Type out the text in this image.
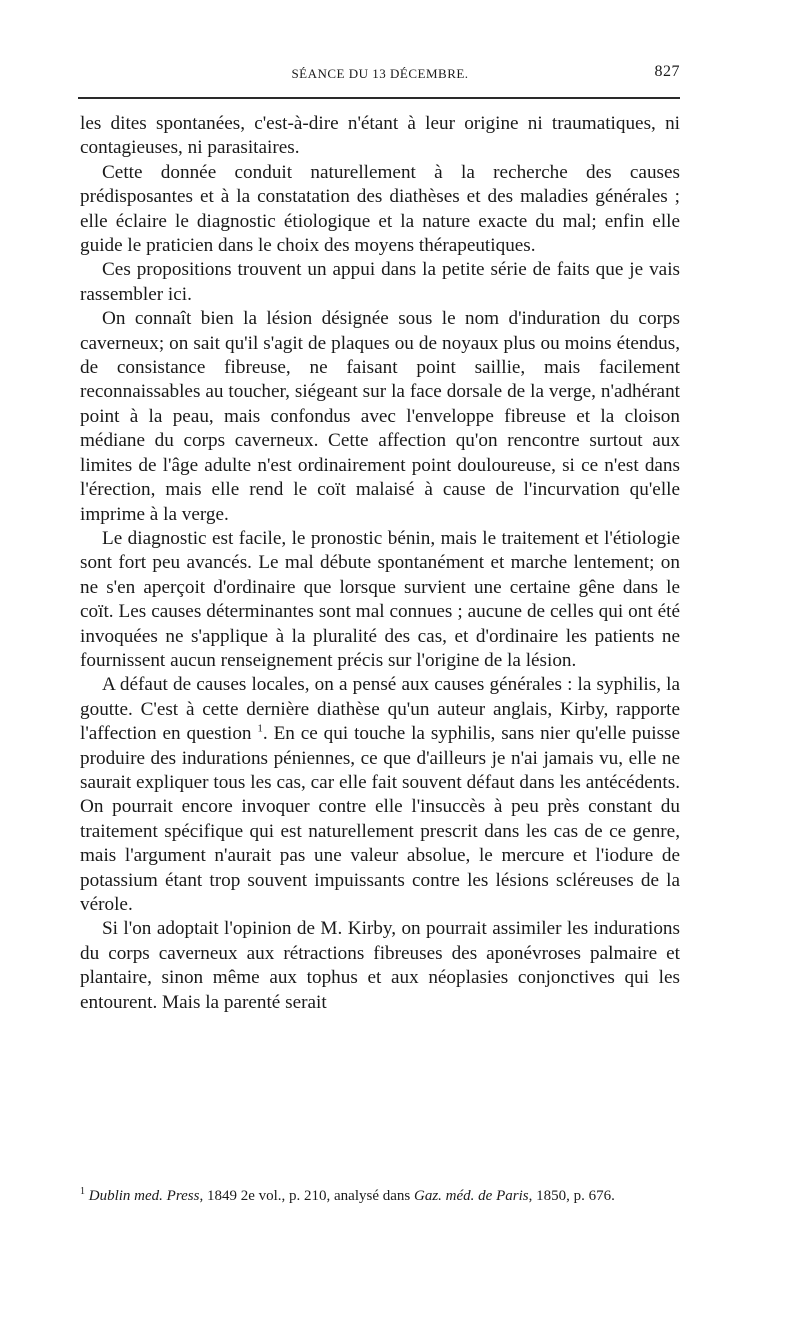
SÉANCE DU 13 DÉCEMBRE.	827

les dites spontanées, c'est-à-dire n'étant à leur origine ni traumatiques, ni contagieuses, ni parasitaires.

Cette donnée conduit naturellement à la recherche des causes prédisposantes et à la constatation des diathèses et des maladies générales ; elle éclaire le diagnostic étiologique et la nature exacte du mal; enfin elle guide le praticien dans le choix des moyens thérapeutiques.

Ces propositions trouvent un appui dans la petite série de faits que je vais rassembler ici.

On connaît bien la lésion désignée sous le nom d'induration du corps caverneux; on sait qu'il s'agit de plaques ou de noyaux plus ou moins étendus, de consistance fibreuse, ne faisant point saillie, mais facilement reconnaissables au toucher, siégeant sur la face dorsale de la verge, n'adhérant point à la peau, mais confondus avec l'enveloppe fibreuse et la cloison médiane du corps caverneux. Cette affection qu'on rencontre surtout aux limites de l'âge adulte n'est ordinairement point douloureuse, si ce n'est dans l'érection, mais elle rend le coït malaisé à cause de l'incurvation qu'elle imprime à la verge.

Le diagnostic est facile, le pronostic bénin, mais le traitement et l'étiologie sont fort peu avancés. Le mal débute spontanément et marche lentement; on ne s'en aperçoit d'ordinaire que lorsque survient une certaine gêne dans le coït. Les causes déterminantes sont mal connues ; aucune de celles qui ont été invoquées ne s'applique à la pluralité des cas, et d'ordinaire les patients ne fournissent aucun renseignement précis sur l'origine de la lésion.

A défaut de causes locales, on a pensé aux causes générales : la syphilis, la goutte. C'est à cette dernière diathèse qu'un auteur anglais, Kirby, rapporte l'affection en question $^1$. En ce qui touche la syphilis, sans nier qu'elle puisse produire des indurations péniennes, ce que d'ailleurs je n'ai jamais vu, elle ne saurait expliquer tous les cas, car elle fait souvent défaut dans les antécédents. On pourrait encore invoquer contre elle l'insuccès à peu près constant du traitement spécifique qui est naturellement prescrit dans les cas de ce genre, mais l'argument n'aurait pas une valeur absolue, le mercure et l'iodure de potassium étant trop souvent impuissants contre les lésions scléreuses de la vérole.

Si l'on adoptait l'opinion de M. Kirby, on pourrait assimiler les indurations du corps caverneux aux rétractions fibreuses des aponévroses palmaire et plantaire, sinon même aux tophus et aux néoplasies conjonctives qui les entourent. Mais la parenté serait

$^1$ Dublin med. Press, 1849 2e vol., p. 210, analysé dans Gaz. méd. de Paris, 1850, p. 676.
